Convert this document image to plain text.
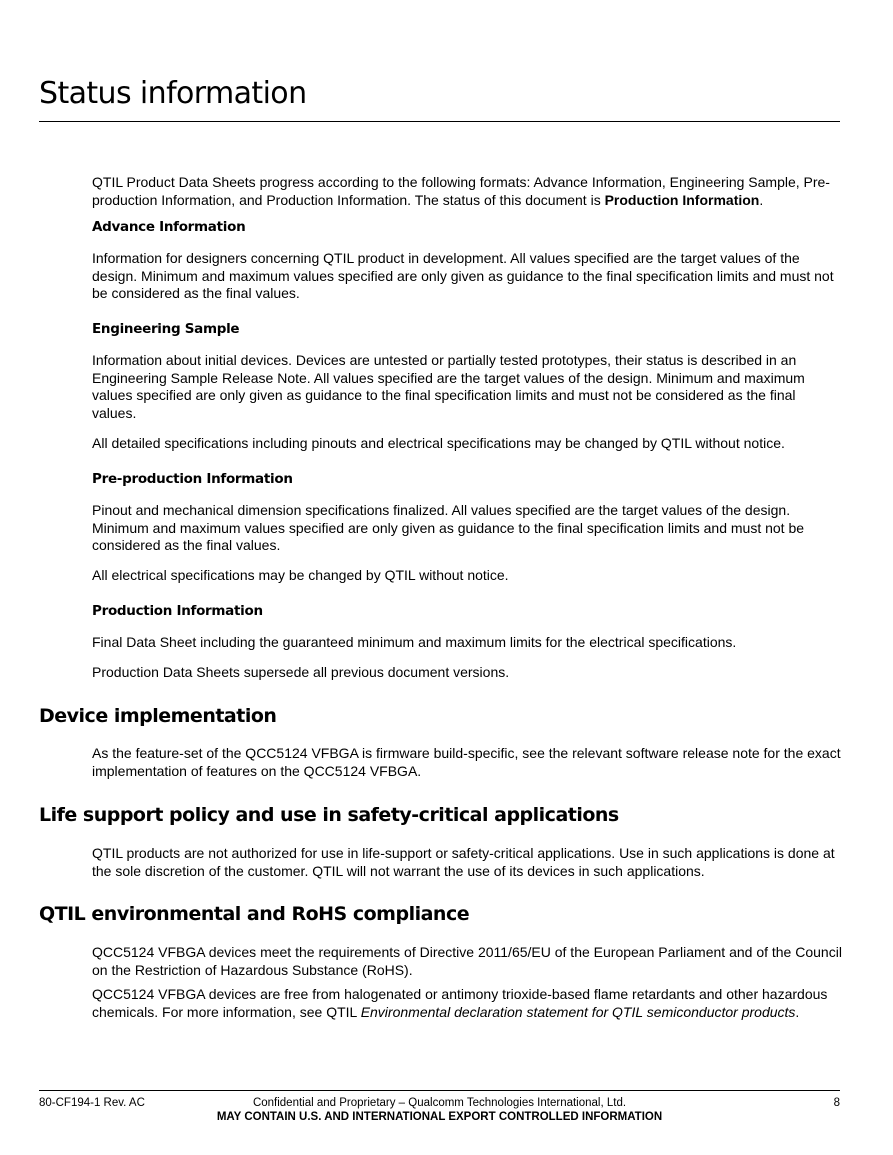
Status information

QTIL Product Data Sheets progress according to the following formats: Advance Information, Engineering Sample, Pre-production Information, and Production Information. The status of this document is Production Information.

Advance Information

Information for designers concerning QTIL product in development. All values specified are the target values of the design. Minimum and maximum values specified are only given as guidance to the final specification limits and must not be considered as the final values.

Engineering Sample

Information about initial devices. Devices are untested or partially tested prototypes, their status is described in an Engineering Sample Release Note. All values specified are the target values of the design. Minimum and maximum values specified are only given as guidance to the final specification limits and must not be considered as the final values.

All detailed specifications including pinouts and electrical specifications may be changed by QTIL without notice.

Pre-production Information

Pinout and mechanical dimension specifications finalized. All values specified are the target values of the design. Minimum and maximum values specified are only given as guidance to the final specification limits and must not be considered as the final values.

All electrical specifications may be changed by QTIL without notice.

Production Information

Final Data Sheet including the guaranteed minimum and maximum limits for the electrical specifications.

Production Data Sheets supersede all previous document versions.

Device implementation

As the feature-set of the QCC5124 VFBGA is firmware build-specific, see the relevant software release note for the exact implementation of features on the QCC5124 VFBGA.

Life support policy and use in safety-critical applications

QTIL products are not authorized for use in life-support or safety-critical applications. Use in such applications is done at the sole discretion of the customer. QTIL will not warrant the use of its devices in such applications.

QTIL environmental and RoHS compliance

QCC5124 VFBGA devices meet the requirements of Directive 2011/65/EU of the European Parliament and of the Council on the Restriction of Hazardous Substance (RoHS).

QCC5124 VFBGA devices are free from halogenated or antimony trioxide-based flame retardants and other hazardous chemicals. For more information, see QTIL Environmental declaration statement for QTIL semiconductor products.

80-CF194-1 Rev. AC	Confidential and Proprietary – Qualcomm Technologies International, Ltd.	8
MAY CONTAIN U.S. AND INTERNATIONAL EXPORT CONTROLLED INFORMATION
